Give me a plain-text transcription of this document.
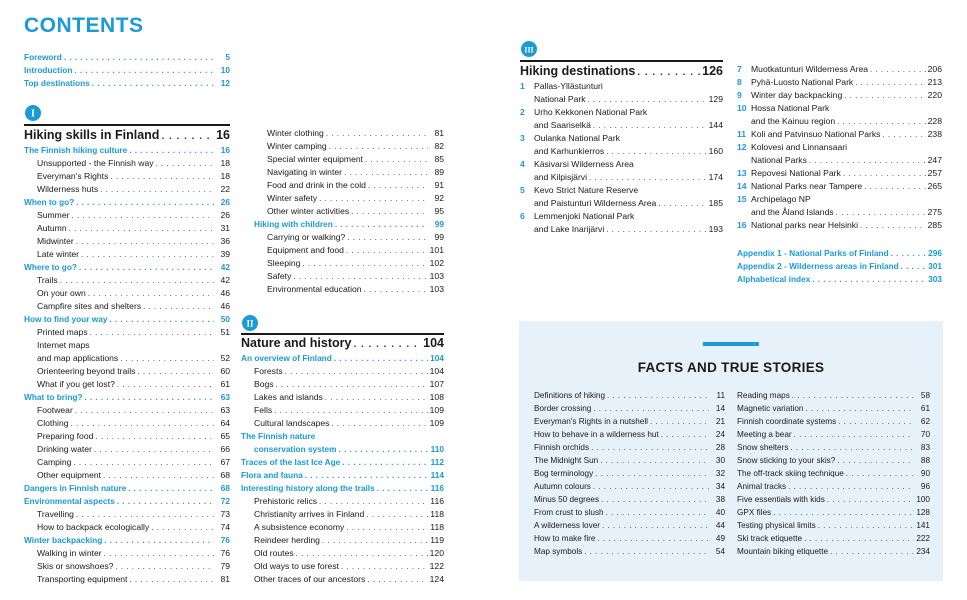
CONTENTS
Foreword . . .	5
Introduction . . .	10
Top destinations . . .	12
I
II
III
Hiking skills in Finland . . .	16
The Finnish hiking culture . . .	16
Unsupported - the Finnish way . . .	18
Everyman's Rights . . .	18
Wilderness huts . . .	22
When to go? . . .	26
Summer . . .	26
Autumn . . .	31
Midwinter . . .	36
Late winter . . .	39
Where to go? . . .	42
Trails . . .	42
On your own . . .	46
Campfire sites and shelters . . .	46
How to find your way . . .	50
Printed maps . . .	51
Internet maps
and map applications . . .	52
Orienteering beyond trails . . .	60
What if you get lost? . . .	61
What to bring? . . .	63
Footwear . . .	63
Clothing . . .	64
Preparing food . . .	65
Drinking water . . .	66
Camping . . .	67
Other equipment . . .	68
Dangers in Finnish nature . . .	68
Environmental aspects . . .	72
Travelling . . .	73
How to backpack ecologically . . .	74
Winter backpacking . . .	76
Walking in winter . . .	76
Skis or snowshoes? . . .	79
Transporting equipment . . .	81
Winter clothing . . .	81
Winter camping . . .	82
Special winter equipment . . .	85
Navigating in winter . . .	89
Food and drink in the cold . . .	91
Winter safety . . .	92
Other winter activities . . .	95
Hiking with children . . .	99
Carrying or walking? . . .	99
Equipment and food . . .	101
Sleeping . . .	102
Safety . . .	103
Environmental education . . .	103
Nature and history . . .	104
An overview of Finland . . .	104
Forests . . .	104
Bogs . . .	107
Lakes and islands . . .	108
Fells . . .	109
Cultural landscapes . . .	109
The Finnish nature
conservation system . . .	110
Traces of the last Ice Age . . .	112
Flora and fauna . . .	114
Interesting history along the trails . . .	116
Prehistoric relics . . .	116
Christianity arrives in Finland . . .	118
A subsistence economy . . .	118
Reindeer herding . . .	119
Old routes . . .	120
Old ways to use forest . . .	122
Other traces of our ancestors . . .	124
Hiking destinations . . .	126
1 Pallas-Yllästunturi
National Park . . .	129
2 Urho Kekkonen National Park
and Saariselkä . . .	144
3 Oulanka National Park
and Karhunkierros . . .	160
4 Käsivarsi Wilderness Area
and Kilpisjärvi . . .	174
5 Kevo Strict Nature Reserve
and Paistunturi Wilderness Area . . .	185
6 Lemmenjoki National Park
and Lake Inarijärvi . . .	193
7 Muotkatunturi Wilderness Area . . .	206
8 Pyhä-Luosto National Park . . .	213
9 Winter day backpacking . . .	220
10 Hossa National Park
and the Kainuu region . . .	228
11 Koli and Patvinsuo National Parks . . .	238
12 Kolovesi and Linnansaari
National Parks . . .	247
13 Repovesi National Park . . .	257
14 National Parks near Tampere . . .	265
15 Archipelago NP
and the Åland Islands . . .	275
16 National parks near Helsinki . . .	285
Appendix 1 - National Parks of Finland . . .	296
Appendix 2 - Wilderness areas in Finland . . .	301
Alphabetical index . . .	303
FACTS AND TRUE STORIES
Definitions of hiking . . .	11
Border crossing . . .	14
Everyman's Rights in a nutshell . . .	21
How to behave in a wilderness hut . . .	24
Finnish orchids . . .	28
The Midnight Sun . . .	30
Bog terminology . . .	32
Autumn colours . . .	34
Minus 50 degrees . . .	38
From crust to slush . . .	40
A wilderness lover . . .	44
How to make fire . . .	49
Map symbols . . .	54
Reading maps . . .	58
Magnetic variation . . .	61
Finnish coordinate systems . . .	62
Meeting a bear . . .	70
Snow shelters . . .	83
Snow sticking to your skis? . . .	88
The off-track skiing technique . . .	90
Animal tracks . . .	96
Five essentials with kids . . .	100
GPX files . . .	128
Testing physical limits . . .	141
Ski track etiquette . . .	222
Mountain biking etiquette . . .	234
